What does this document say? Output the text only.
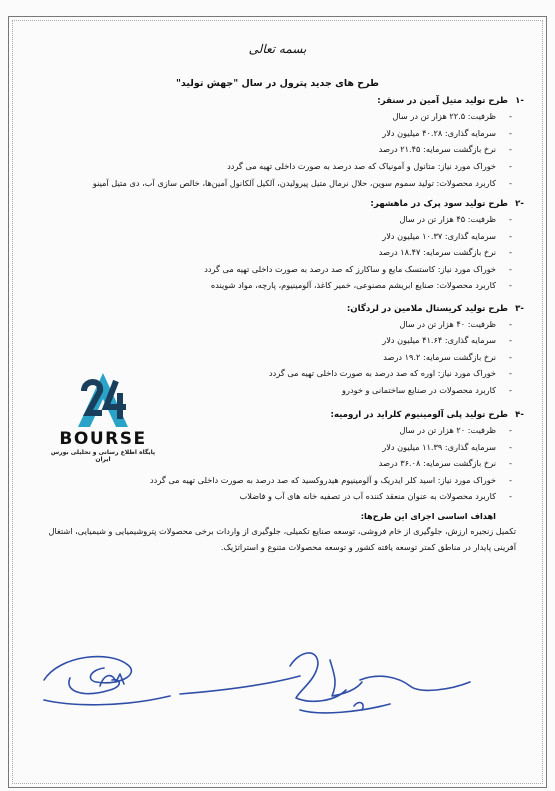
بسمه تعالی
طرح های جدید پترول در سال "جهش تولید"
-۱طرح تولید متیل آمین در سنقر:
- ظرفیت: ۲۲.۵ هزار تن در سال
- سرمایه گذاری: ۴۰.۲۸ میلیون دلار
- نرخ بازگشت سرمایه: ۲۱.۴۵ درصد
- خوراک مورد نیاز: متانول و آمونیاک که صد درصد به صورت داخلی تهیه می گردد
- کاربرد محصولات: تولید سموم سوین، حلال نرمال متیل پیرولیدن، آلکیل آلکانول آمین‌ها، خالص سازی آب، دی متیل آمینو
-۲طرح تولید سود پرک در ماهشهر:
- ظرفیت: ۴۵ هزار تن در سال
- سرمایه گذاری: ۱۰.۳۷ میلیون دلار
- نرخ بازگشت سرمایه: ۱۸.۴۷ درصد
- خوراک مورد نیاز: کاستسک مایع و ساکارز که صد درصد به صورت داخلی تهیه می گردد
- کاربرد محصولات: صنایع ابریشم مصنوعی، خمیر کاغذ، آلومینیوم، پارچه، مواد شوینده
-۳طرح تولید کریستال ملامین در لردگان:
- ظرفیت: ۴۰ هزار تن در سال
- سرمایه گذاری: ۴۱.۶۴ میلیون دلار
- نرخ بازگشت سرمایه: ۱۹.۲ درصد
- خوراک مورد نیاز: اوره که صد درصد به صورت داخلی تهیه می گردد
- کاربرد محصولات در صنایع ساختمانی و خودرو
-۴طرح تولید پلی آلومینیوم کلراید در ارومیه:
- ظرفیت: ۲۰ هزار تن در سال
- سرمایه گذاری: ۱۱.۳۹ میلیون دلار
- نرخ بازگشت سرمایه: ۳۶.۰۸ درصد
- خوراک مورد نیاز: اسید کلر ایدریک و آلومینیوم هیدروکسید که صد درصد به صورت داخلی تهیه می گردد
- کاربرد محصولات به عنوان منعقد کننده آب در تصفیه خانه های آب و فاضلاب
اهداف اساسی اجرای این طرح‌ها:
تکمیل زنجیره ارزش، جلوگیری از خام فروشی، توسعه صنایع تکمیلی، جلوگیری از واردات برخی محصولات پتروشیمیایی و شیمیایی، اشتغال آفرینی پایدار در مناطق کمتر توسعه یافته کشور و توسعه محصولات متنوع و استراتژیک.
BOURSE
پایگاه اطلاع رسانی و تحلیلی بورس ایران
